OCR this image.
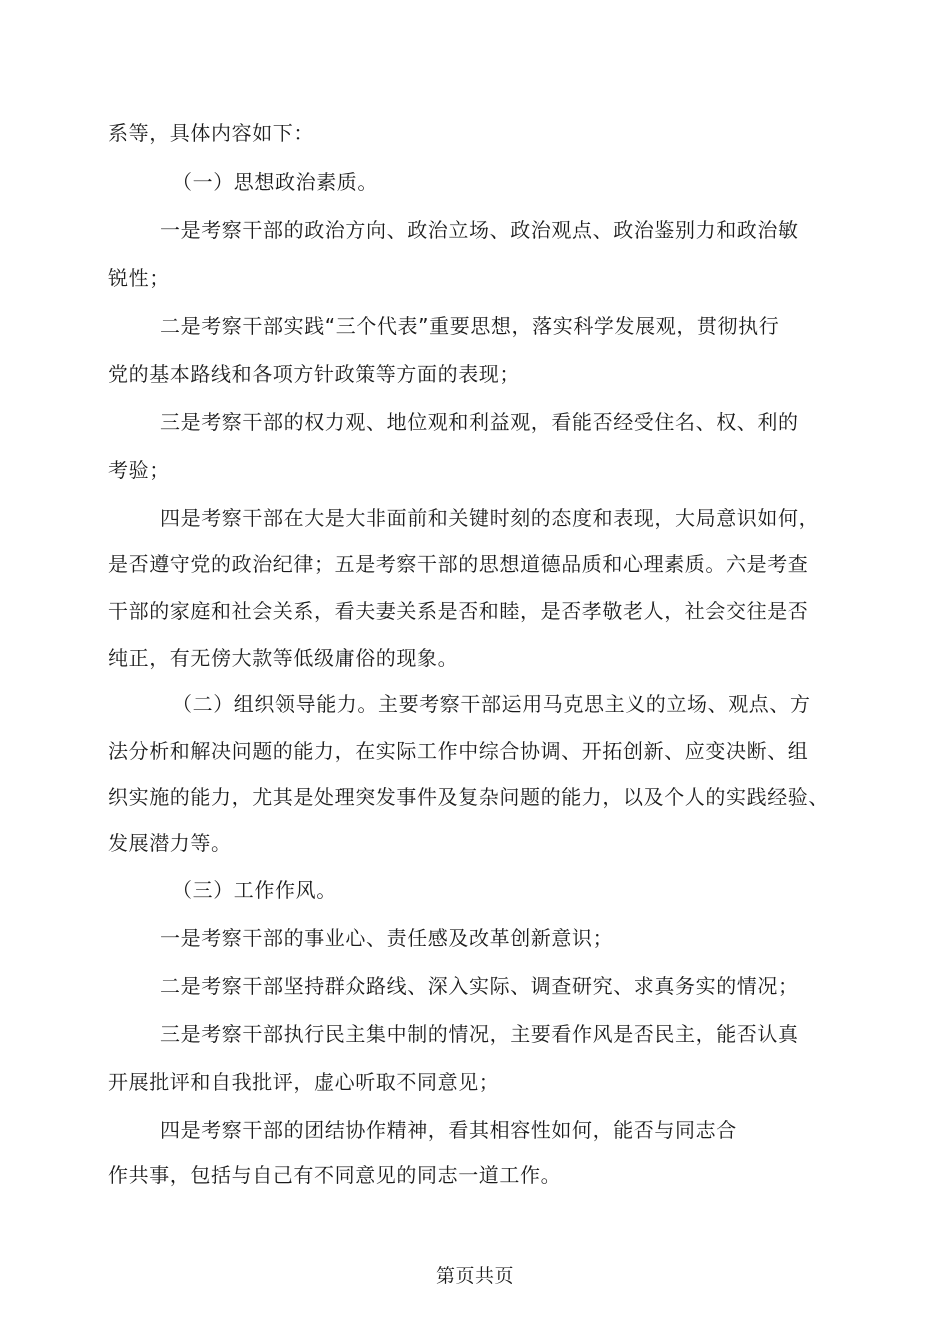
系等，具体内容如下：
（一）思想政治素质。
一是考察干部的政治方向、政治立场、政治观点、政治鉴别力和政治敏
锐性；
二是考察干部实践“三个代表”重要思想，落实科学发展观，贯彻执行
党的基本路线和各项方针政策等方面的表现；
三是考察干部的权力观、地位观和利益观，看能否经受住名、权、利的
考验；
四是考察干部在大是大非面前和关键时刻的态度和表现，大局意识如何，
是否遵守党的政治纪律；五是考察干部的思想道德品质和心理素质。六是考查
干部的家庭和社会关系，看夫妻关系是否和睦，是否孝敬老人，社会交往是否
纯正，有无傍大款等低级庸俗的现象。
（二）组织领导能力。主要考察干部运用马克思主义的立场、观点、方
法分析和解决问题的能力，在实际工作中综合协调、开拓创新、应变决断、组
织实施的能力，尤其是处理突发事件及复杂问题的能力，以及个人的实践经验、
发展潜力等。
（三）工作作风。
一是考察干部的事业心、责任感及改革创新意识；
二是考察干部坚持群众路线、深入实际、调查研究、求真务实的情况；
三是考察干部执行民主集中制的情况，主要看作风是否民主，能否认真
开展批评和自我批评，虚心听取不同意见；
四是考察干部的团结协作精神，看其相容性如何，能否与同志合
作共事，包括与自己有不同意见的同志一道工作。
第页共页
